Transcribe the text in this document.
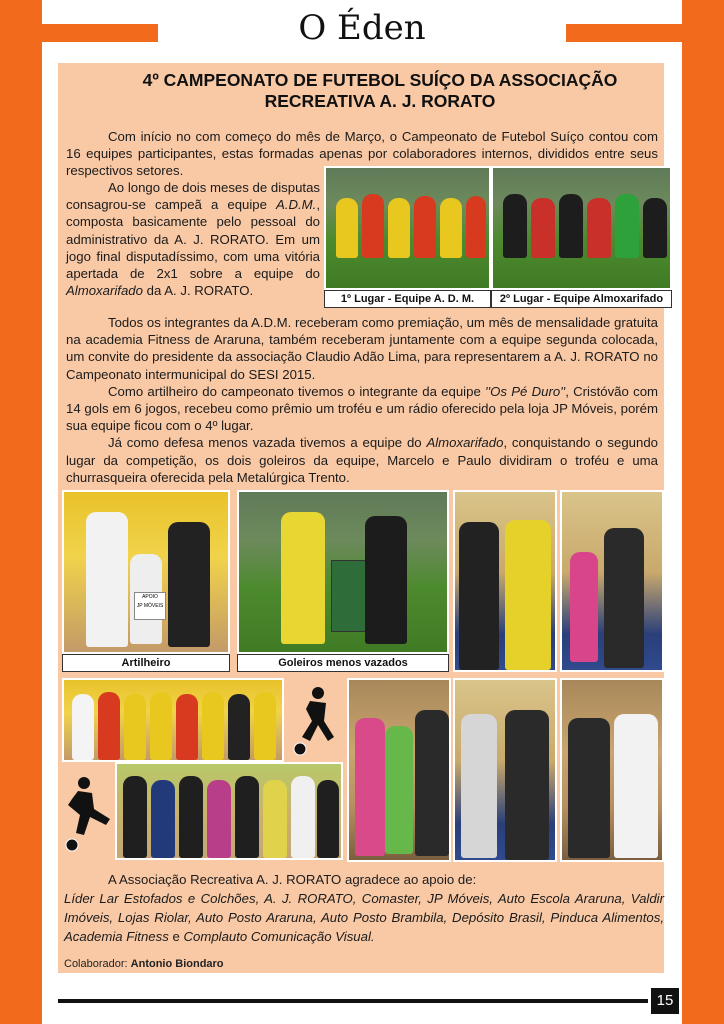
O Éden
4º CAMPEONATO DE FUTEBOL SUÍÇO DA ASSOCIAÇÃO
RECREATIVA A. J. RORATO

Com início no com começo do mês de Março, o Campeonato de Futebol Suíço contou com 16 equipes participantes, estas formadas apenas por colaboradores internos, divididos entre seus respectivos setores.

Ao longo de dois meses de disputas consagrou-se campeã a equipe A.D.M., composta basicamente pelo pessoal do administrativo da A. J. RORATO. Em um jogo final disputadíssimo, com uma vitória apertada de 2x1 sobre a equipe do Almoxarifado da A. J. RORATO.

1º Lugar - Equipe A. D. M.	2º Lugar - Equipe Almoxarifado

Todos os integrantes da A.D.M. receberam como premiação, um mês de mensalidade gratuita na academia Fitness de Araruna, também receberam juntamente com a equipe segunda colocada, um convite do presidente da associação Claudio Adão Lima, para representarem a A. J. RORATO no Campeonato intermunicipal do SESI 2015.

Como artilheiro do campeonato tivemos o integrante da equipe ''Os Pé Duro'', Cristóvão com 14 gols em 6 jogos, recebeu como prêmio um troféu e um rádio oferecido pela loja JP Móveis, porém sua equipe ficou com o 4º lugar.

Já como defesa menos vazada tivemos a equipe do Almoxarifado, conquistando o segundo lugar da competição, os dois goleiros da equipe, Marcelo e Paulo dividiram o troféu e uma churrasqueira oferecida pela Metalúrgica Trento.

APOIO
JP MÓVEIS
Artilheiro	Goleiros menos vazados
A Associação Recreativa A. J. RORATO agradece ao apoio de:
Líder Lar Estofados e Colchões, A. J. RORATO, Comaster, JP Móveis, Auto Escola Araruna, Valdir Imóveis, Lojas Riolar, Auto Posto Araruna, Auto Posto Brambila, Depósito Brasil, Pinduca Alimentos, Academia Fitness e Complauto Comunicação Visual.
Colaborador: Antonio Biondaro
15
